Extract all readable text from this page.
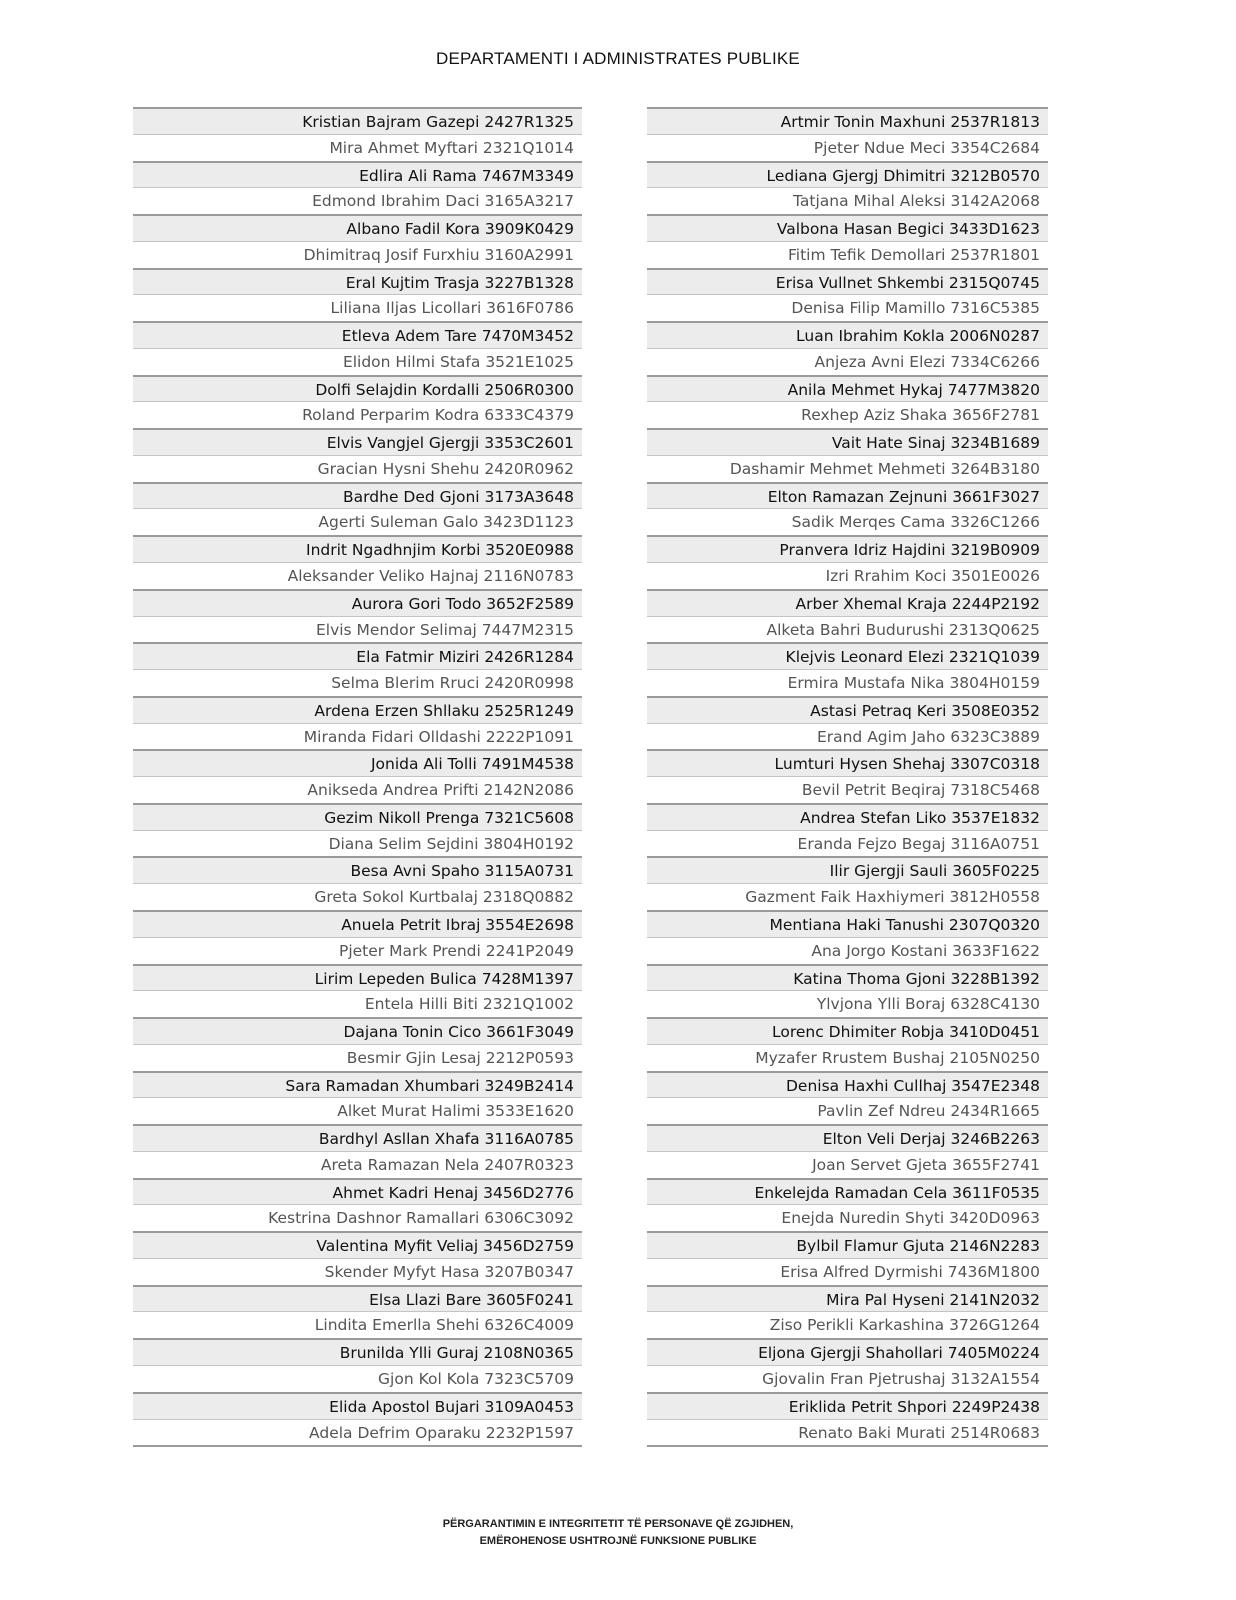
DEPARTAMENTI I ADMINISTRATES PUBLIKE
Kristian Bajram Gazepi 2427R1325
Mira Ahmet Myftari 2321Q1014
Edlira Ali Rama 7467M3349
Edmond Ibrahim Daci 3165A3217
Albano Fadil Kora 3909K0429
Dhimitraq Josif Furxhiu 3160A2991
Eral Kujtim Trasja 3227B1328
Liliana Iljas Licollari 3616F0786
Etleva Adem Tare 7470M3452
Elidon Hilmi Stafa 3521E1025
Dolfi Selajdin Kordalli 2506R0300
Roland Perparim Kodra 6333C4379
Elvis Vangjel Gjergji 3353C2601
Gracian Hysni Shehu 2420R0962
Bardhe Ded Gjoni 3173A3648
Agerti Suleman Galo 3423D1123
Indrit Ngadhnjim Korbi 3520E0988
Aleksander Veliko Hajnaj 2116N0783
Aurora Gori Todo 3652F2589
Elvis Mendor Selimaj 7447M2315
Ela Fatmir Miziri 2426R1284
Selma Blerim Rruci 2420R0998
Ardena Erzen Shllaku 2525R1249
Miranda Fidari Olldashi 2222P1091
Jonida Ali Tolli 7491M4538
Anikseda Andrea Prifti 2142N2086
Gezim Nikoll Prenga 7321C5608
Diana Selim Sejdini 3804H0192
Besa Avni Spaho 3115A0731
Greta Sokol Kurtbalaj 2318Q0882
Anuela Petrit Ibraj 3554E2698
Pjeter Mark Prendi 2241P2049
Lirim Lepeden Bulica 7428M1397
Entela Hilli Biti 2321Q1002
Dajana Tonin Cico 3661F3049
Besmir Gjin Lesaj 2212P0593
Sara Ramadan Xhumbari 3249B2414
Alket Murat Halimi 3533E1620
Bardhyl Asllan Xhafa 3116A0785
Areta Ramazan Nela 2407R0323
Ahmet Kadri Henaj 3456D2776
Kestrina Dashnor Ramallari 6306C3092
Valentina Myfit Veliaj 3456D2759
Skender Myfyt Hasa 3207B0347
Elsa Llazi Bare 3605F0241
Lindita Emerlla Shehi 6326C4009
Brunilda Ylli Guraj 2108N0365
Gjon Kol Kola 7323C5709
Elida Apostol Bujari 3109A0453
Adela Defrim Oparaku 2232P1597
Artmir Tonin Maxhuni 2537R1813
Pjeter Ndue Meci 3354C2684
Lediana Gjergj Dhimitri 3212B0570
Tatjana Mihal Aleksi 3142A2068
Valbona Hasan Begici 3433D1623
Fitim Tefik Demollari 2537R1801
Erisa Vullnet Shkembi 2315Q0745
Denisa Filip Mamillo 7316C5385
Luan Ibrahim Kokla 2006N0287
Anjeza Avni Elezi 7334C6266
Anila Mehmet Hykaj 7477M3820
Rexhep Aziz Shaka 3656F2781
Vait Hate Sinaj 3234B1689
Dashamir Mehmet Mehmeti 3264B3180
Elton Ramazan Zejnuni 3661F3027
Sadik Merqes Cama 3326C1266
Pranvera Idriz Hajdini 3219B0909
Izri Rrahim Koci 3501E0026
Arber Xhemal Kraja 2244P2192
Alketa Bahri Budurushi 2313Q0625
Klejvis Leonard Elezi 2321Q1039
Ermira Mustafa Nika 3804H0159
Astasi Petraq Keri 3508E0352
Erand Agim Jaho 6323C3889
Lumturi Hysen Shehaj 3307C0318
Bevil Petrit Beqiraj 7318C5468
Andrea Stefan Liko 3537E1832
Eranda Fejzo Begaj 3116A0751
Ilir Gjergji Sauli 3605F0225
Gazment Faik Haxhiymeri 3812H0558
Mentiana Haki Tanushi 2307Q0320
Ana Jorgo Kostani 3633F1622
Katina Thoma Gjoni 3228B1392
Ylvjona Ylli Boraj 6328C4130
Lorenc Dhimiter Robja 3410D0451
Myzafer Rrustem Bushaj 2105N0250
Denisa Haxhi Cullhaj 3547E2348
Pavlin Zef Ndreu 2434R1665
Elton Veli Derjaj 3246B2263
Joan Servet Gjeta 3655F2741
Enkelejda Ramadan Cela 3611F0535
Enejda Nuredin Shyti 3420D0963
Bylbil Flamur Gjuta 2146N2283
Erisa Alfred Dyrmishi 7436M1800
Mira Pal Hyseni 2141N2032
Ziso Perikli Karkashina 3726G1264
Eljona Gjergji Shahollari 7405M0224
Gjovalin Fran Pjetrushaj 3132A1554
Eriklida Petrit Shpori 2249P2438
Renato Baki Murati 2514R0683
PËRGARANTIMIN E INTEGRITETIT TË PERSONAVE QË ZGJIDHEN,
EMËROHENOSE USHTROJNË FUNKSIONE PUBLIKE
